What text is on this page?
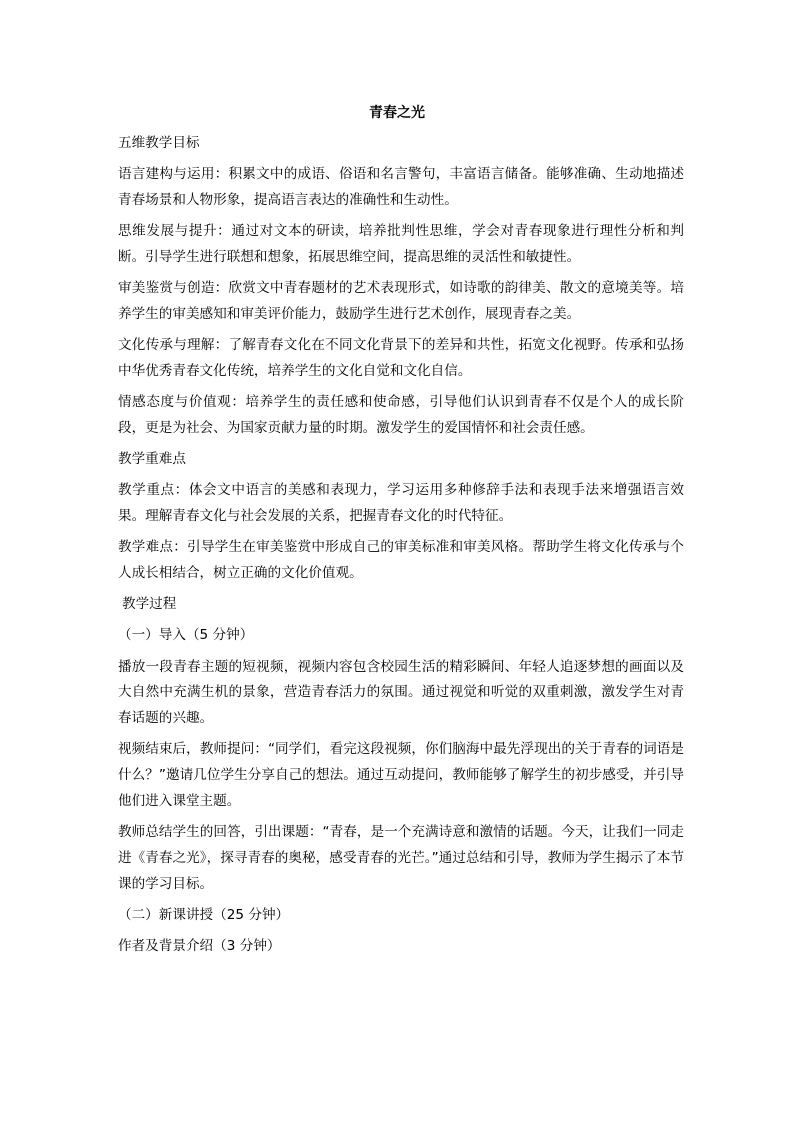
青春之光

五维教学目标

语言建构与运用：积累文中的成语、俗语和名言警句，丰富语言储备。能够准确、生动地描述青春场景和人物形象，提高语言表达的准确性和生动性。

思维发展与提升：通过对文本的研读，培养批判性思维，学会对青春现象进行理性分析和判断。引导学生进行联想和想象，拓展思维空间，提高思维的灵活性和敏捷性。

审美鉴赏与创造：欣赏文中青春题材的艺术表现形式，如诗歌的韵律美、散文的意境美等。培养学生的审美感知和审美评价能力，鼓励学生进行艺术创作，展现青春之美。

文化传承与理解：了解青春文化在不同文化背景下的差异和共性，拓宽文化视野。传承和弘扬中华优秀青春文化传统，培养学生的文化自觉和文化自信。

情感态度与价值观：培养学生的责任感和使命感，引导他们认识到青春不仅是个人的成长阶段，更是为社会、为国家贡献力量的时期。激发学生的爱国情怀和社会责任感。

教学重难点

教学重点：体会文中语言的美感和表现力，学习运用多种修辞手法和表现手法来增强语言效果。理解青春文化与社会发展的关系，把握青春文化的时代特征。

教学难点：引导学生在审美鉴赏中形成自己的审美标准和审美风格。帮助学生将文化传承与个人成长相结合，树立正确的文化价值观。

教学过程

（一）导入（5 分钟）

播放一段青春主题的短视频，视频内容包含校园生活的精彩瞬间、年轻人追逐梦想的画面以及大自然中充满生机的景象，营造青春活力的氛围。通过视觉和听觉的双重刺激，激发学生对青春话题的兴趣。

视频结束后，教师提问：“同学们，看完这段视频，你们脑海中最先浮现出的关于青春的词语是什么？”邀请几位学生分享自己的想法。通过互动提问，教师能够了解学生的初步感受，并引导他们进入课堂主题。

教师总结学生的回答，引出课题：“青春，是一个充满诗意和激情的话题。今天，让我们一同走进《青春之光》，探寻青春的奥秘，感受青春的光芒。”通过总结和引导，教师为学生揭示了本节课的学习目标。

（二）新课讲授（25 分钟）

作者及背景介绍（3 分钟）
